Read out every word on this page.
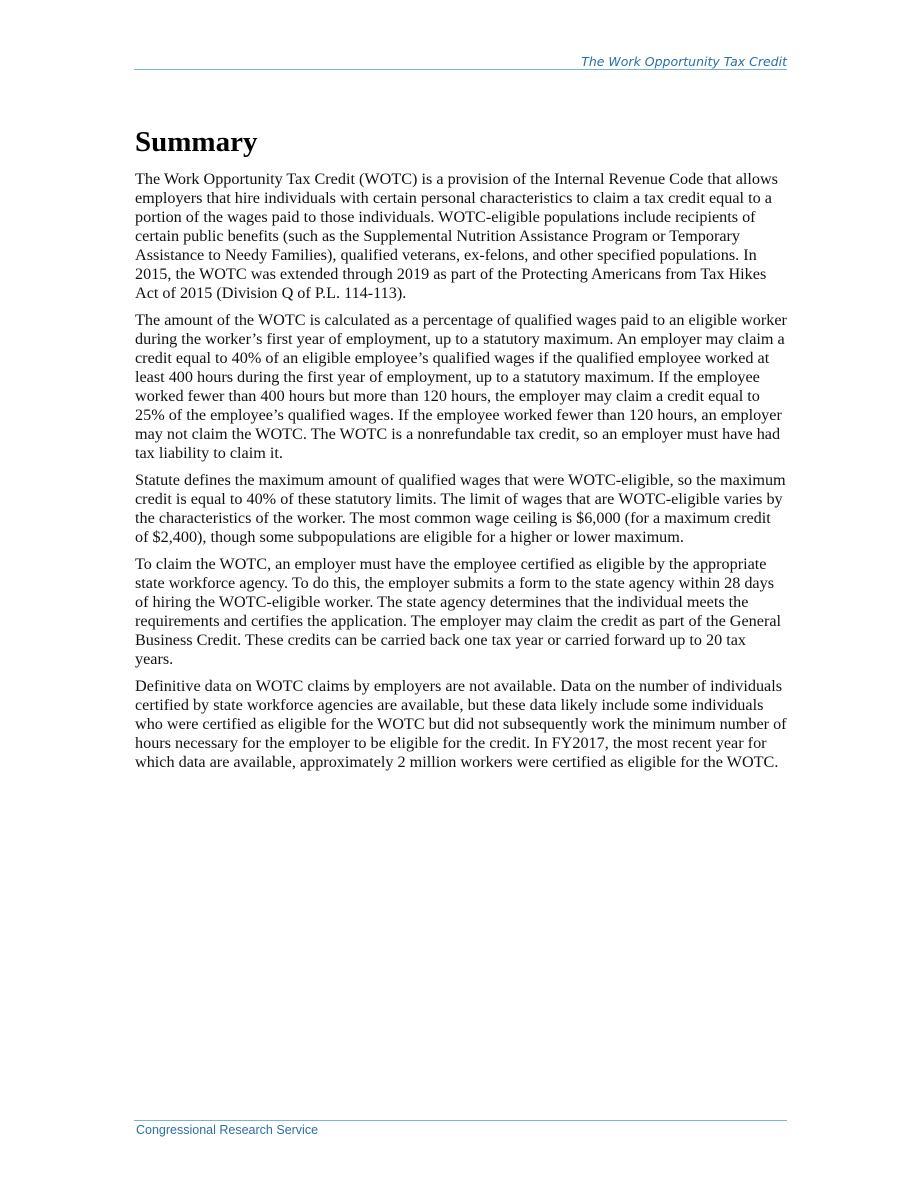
The Work Opportunity Tax Credit
Summary

The Work Opportunity Tax Credit (WOTC) is a provision of the Internal Revenue Code that allows employers that hire individuals with certain personal characteristics to claim a tax credit equal to a portion of the wages paid to those individuals. WOTC-eligible populations include recipients of certain public benefits (such as the Supplemental Nutrition Assistance Program or Temporary Assistance to Needy Families), qualified veterans, ex-felons, and other specified populations. In 2015, the WOTC was extended through 2019 as part of the Protecting Americans from Tax Hikes Act of 2015 (Division Q of P.L. 114-113).

The amount of the WOTC is calculated as a percentage of qualified wages paid to an eligible worker during the worker’s first year of employment, up to a statutory maximum. An employer may claim a credit equal to 40% of an eligible employee’s qualified wages if the qualified employee worked at least 400 hours during the first year of employment, up to a statutory maximum. If the employee worked fewer than 400 hours but more than 120 hours, the employer may claim a credit equal to 25% of the employee’s qualified wages. If the employee worked fewer than 120 hours, an employer may not claim the WOTC. The WOTC is a nonrefundable tax credit, so an employer must have had tax liability to claim it.

Statute defines the maximum amount of qualified wages that were WOTC-eligible, so the maximum credit is equal to 40% of these statutory limits. The limit of wages that are WOTC-eligible varies by the characteristics of the worker. The most common wage ceiling is $6,000 (for a maximum credit of $2,400), though some subpopulations are eligible for a higher or lower maximum.

To claim the WOTC, an employer must have the employee certified as eligible by the appropriate state workforce agency. To do this, the employer submits a form to the state agency within 28 days of hiring the WOTC-eligible worker. The state agency determines that the individual meets the requirements and certifies the application. The employer may claim the credit as part of the General Business Credit. These credits can be carried back one tax year or carried forward up to 20 tax years.

Definitive data on WOTC claims by employers are not available. Data on the number of individuals certified by state workforce agencies are available, but these data likely include some individuals who were certified as eligible for the WOTC but did not subsequently work the minimum number of hours necessary for the employer to be eligible for the credit. In FY2017, the most recent year for which data are available, approximately 2 million workers were certified as eligible for the WOTC.

Congressional Research Service
